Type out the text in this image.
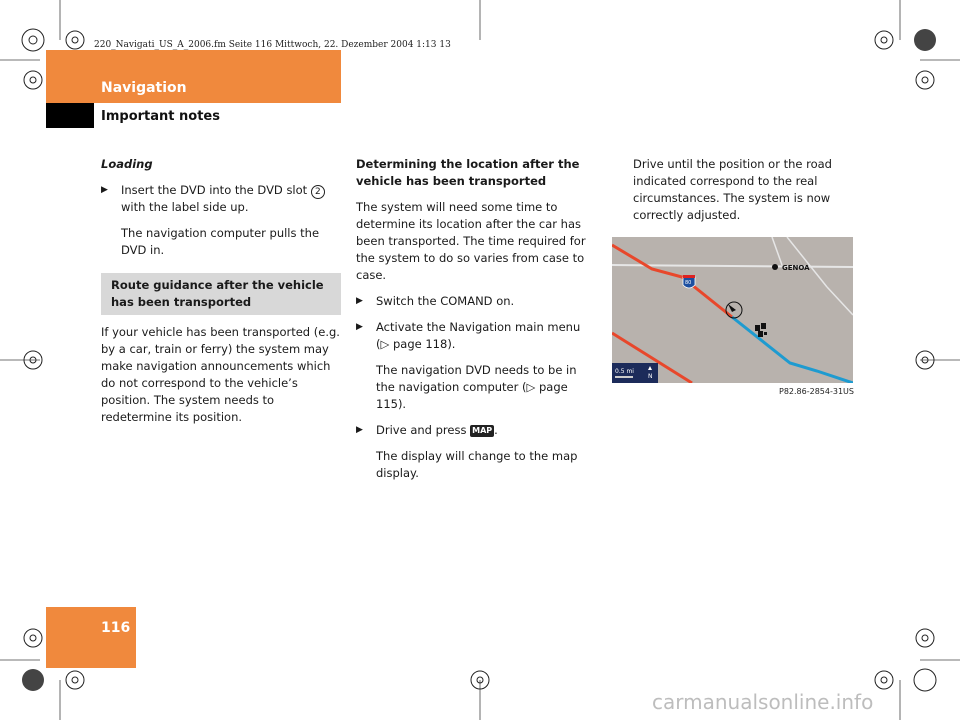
220_Navigati_US_A_2006.fm Seite 116 Mittwoch, 22. Dezember 2004 1:13 13
Navigation
Important notes

Loading

▶ Insert the DVD into the DVD slot 2 with the label side up.
The navigation computer pulls the DVD in.
Route guidance after the vehicle has been transported

If your vehicle has been transported (e.g. by a car, train or ferry) the system may make navigation announcements which do not correspond to the vehicle’s position. The system needs to redetermine its position.

Determining the location after the vehicle has been transported

The system will need some time to determine its location after the car has been transported. The time required for the system to do so varies from case to case.

▶ Switch the COMAND on.
▶ Activate the Navigation main menu
(▷ page 118).
The navigation DVD needs to be in the navigation computer (▷ page 115).
▶ Drive and press MAP .
The display will change to the map display.

Drive until the position or the road indicated correspond to the real circumstances. The system is now correctly adjusted.

GENOA
80
0.5 mi
N
P82.86-2854-31US
116
carmanualsonline.info
